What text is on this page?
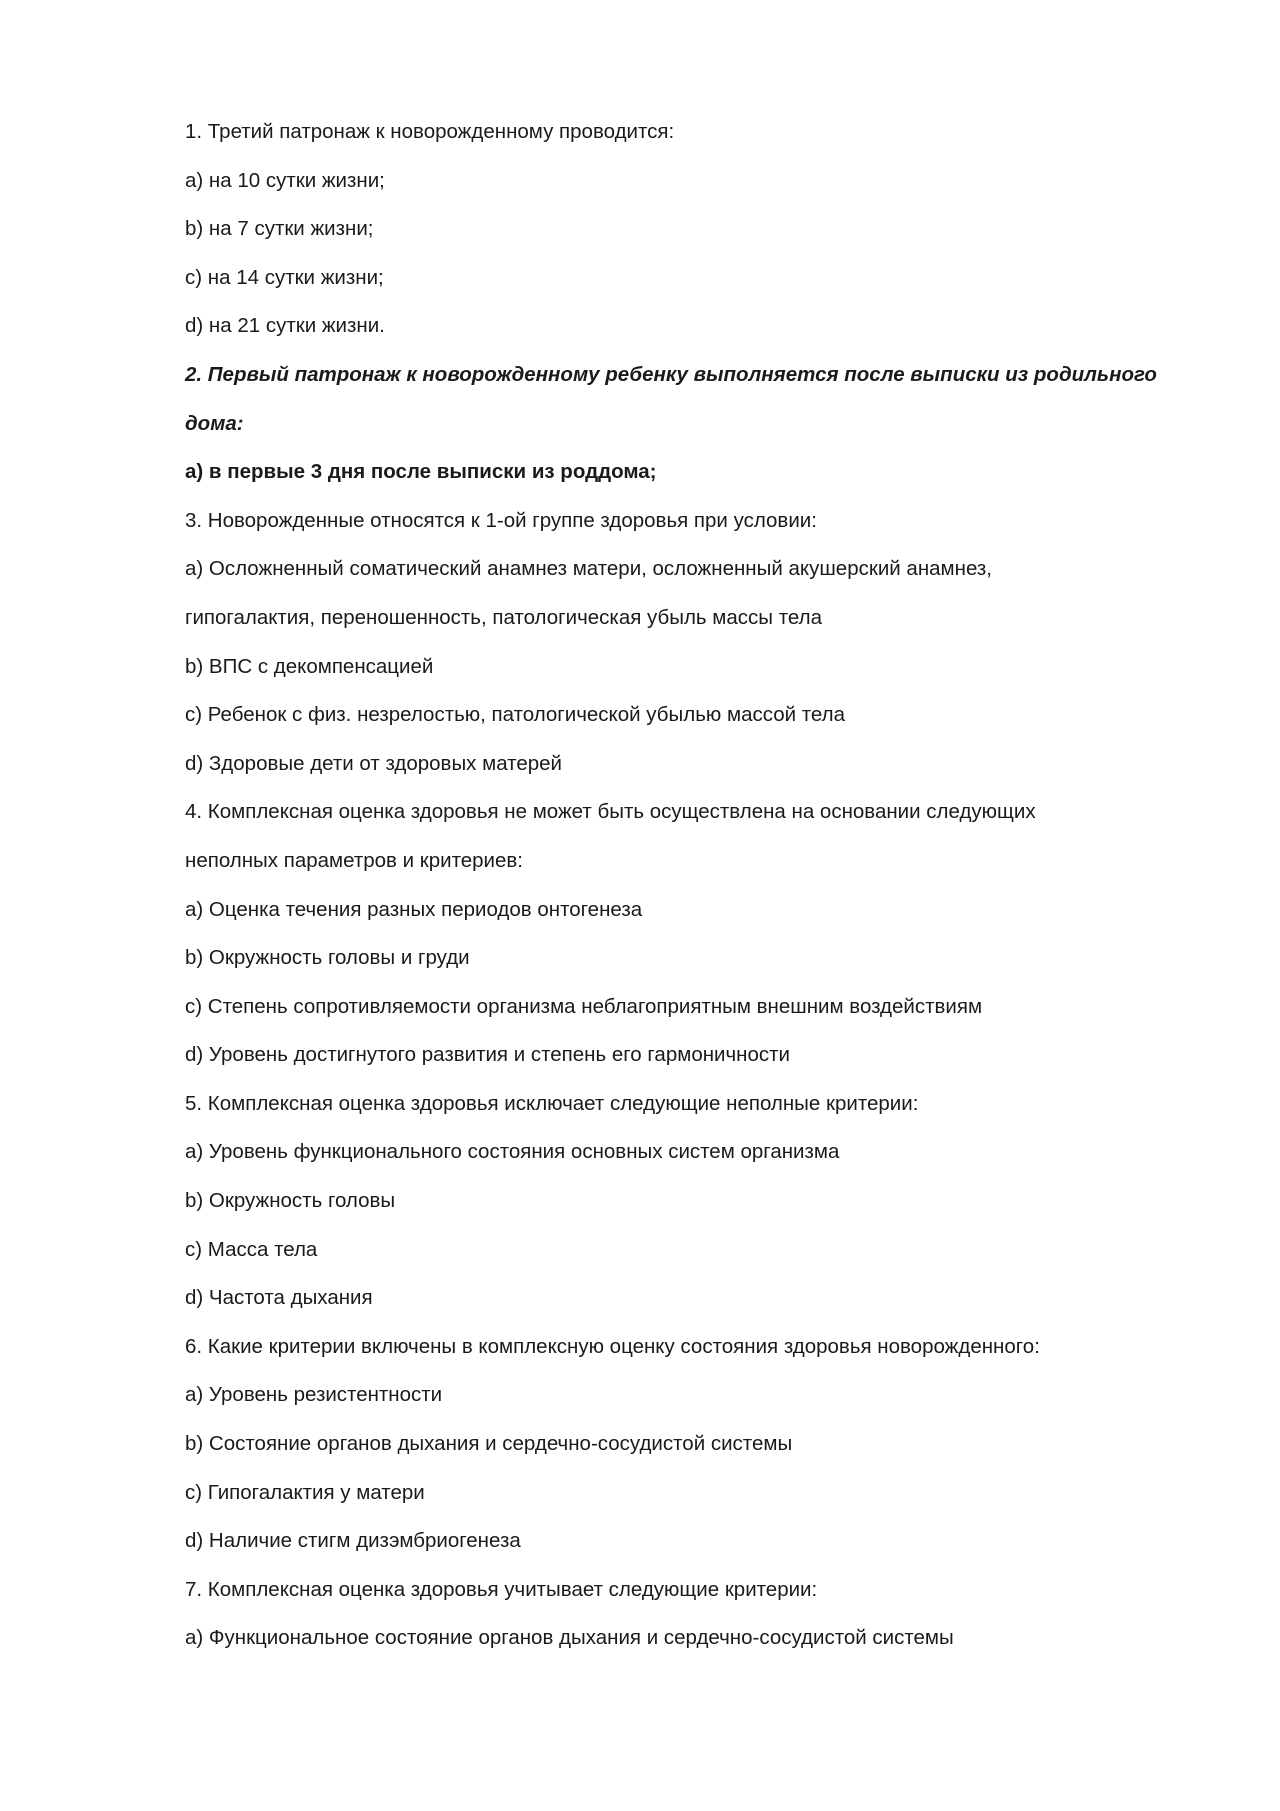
1. Третий патронаж к новорожденному проводится:
a) на 10 сутки жизни;
b) на 7 сутки жизни;
c) на 14 сутки жизни;
d) на 21 сутки жизни.
2. Первый патронаж к новорожденному ребенку выполняется после выписки из родильного
дома:
a) в первые 3 дня после выписки из роддома;
3. Новорожденные относятся к 1-ой группе здоровья при условии:
a) Осложненный соматический анамнез матери, осложненный акушерский анамнез,
гипогалактия, переношенность, патологическая убыль массы тела
b) ВПС с декомпенсацией
c) Ребенок с физ. незрелостью, патологической убылью массой тела
d) Здоровые дети от здоровых матерей
4. Комплексная оценка здоровья не может быть осуществлена на основании следующих
неполных параметров и критериев:
a) Оценка течения разных периодов онтогенеза
b) Окружность головы и груди
c) Степень сопротивляемости организма неблагоприятным внешним воздействиям
d) Уровень достигнутого развития и степень его гармоничности
5. Комплексная оценка здоровья исключает следующие неполные критерии:
a) Уровень функционального состояния основных систем организма
b) Окружность головы
c) Масса тела
d) Частота дыхания
6. Какие критерии включены в комплексную оценку состояния здоровья новорожденного:
a) Уровень резистентности
b) Состояние органов дыхания и сердечно-сосудистой системы
c) Гипогалактия у матери
d) Наличие стигм дизэмбриогенеза
7. Комплексная оценка здоровья учитывает следующие критерии:
a) Функциональное состояние органов дыхания и сердечно-сосудистой системы
